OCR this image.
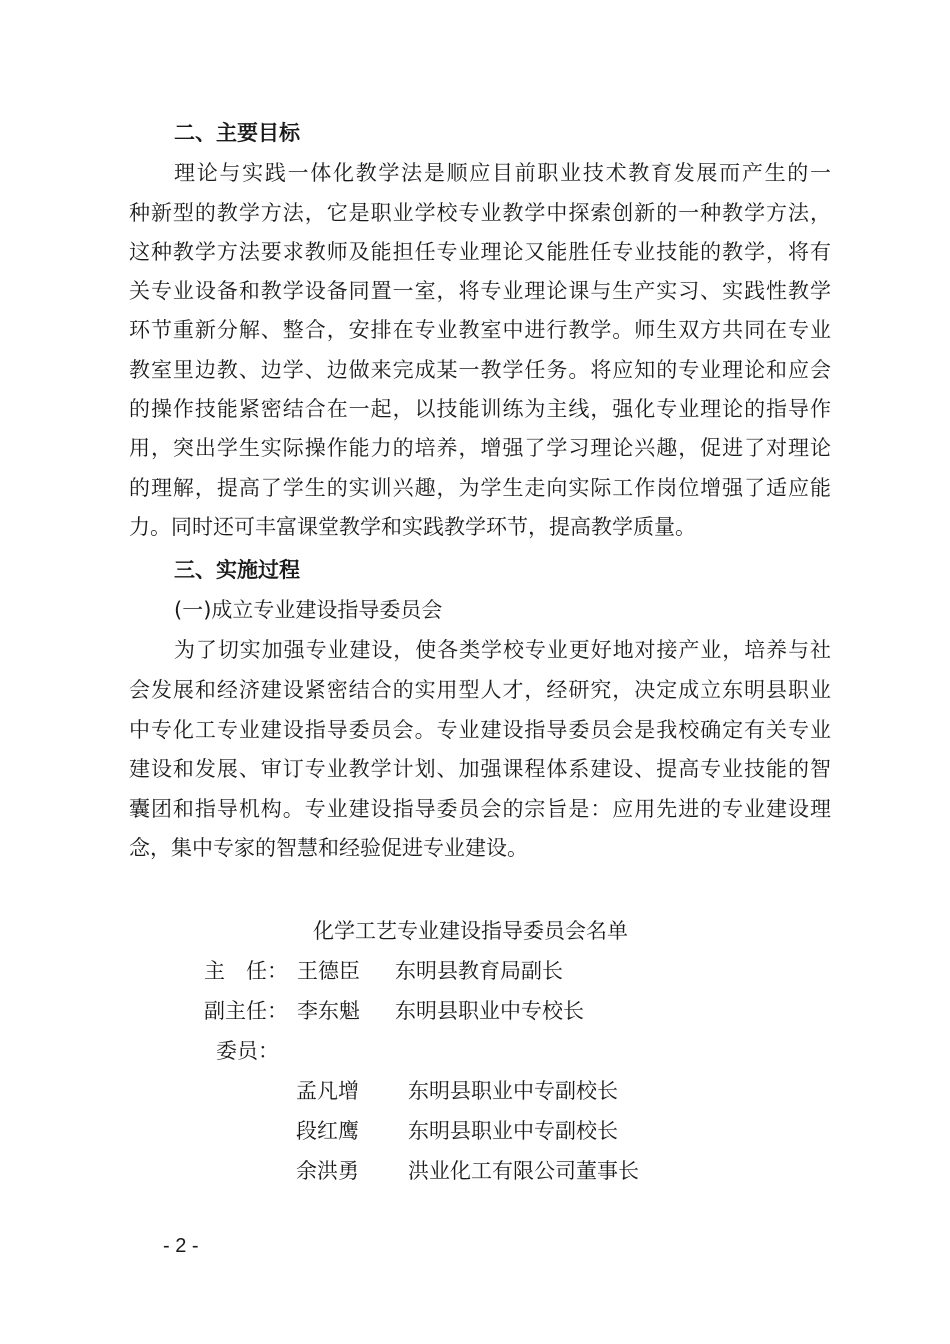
二、主要目标
理论与实践一体化教学法是顺应目前职业技术教育发展而产生的一
种新型的教学方法，它是职业学校专业教学中探索创新的一种教学方法，
这种教学方法要求教师及能担任专业理论又能胜任专业技能的教学，将有
关专业设备和教学设备同置一室，将专业理论课与生产实习、实践性教学
环节重新分解、整合，安排在专业教室中进行教学。师生双方共同在专业
教室里边教、边学、边做来完成某一教学任务。将应知的专业理论和应会
的操作技能紧密结合在一起，以技能训练为主线，强化专业理论的指导作
用，突出学生实际操作能力的培养，增强了学习理论兴趣，促进了对理论
的理解，提高了学生的实训兴趣，为学生走向实际工作岗位增强了适应能
力。同时还可丰富课堂教学和实践教学环节，提高教学质量。
三、实施过程
(一)成立专业建设指导委员会
为了切实加强专业建设，使各类学校专业更好地对接产业，培养与社
会发展和经济建设紧密结合的实用型人才，经研究，决定成立东明县职业
中专化工专业建设指导委员会。专业建设指导委员会是我校确定有关专业
建设和发展、审订专业教学计划、加强课程体系建设、提高专业技能的智
囊团和指导机构。专业建设指导委员会的宗旨是：应用先进的专业建设理
念，集中专家的智慧和经验促进专业建设。
化学工艺专业建设指导委员会名单
主　任： 王德臣 东明县教育局副长
副主任： 李东魁 东明县职业中专校长
委员：
孟凡增 东明县职业中专副校长
段红鹰 东明县职业中专副校长
余洪勇 洪业化工有限公司董事长
- 2 -
